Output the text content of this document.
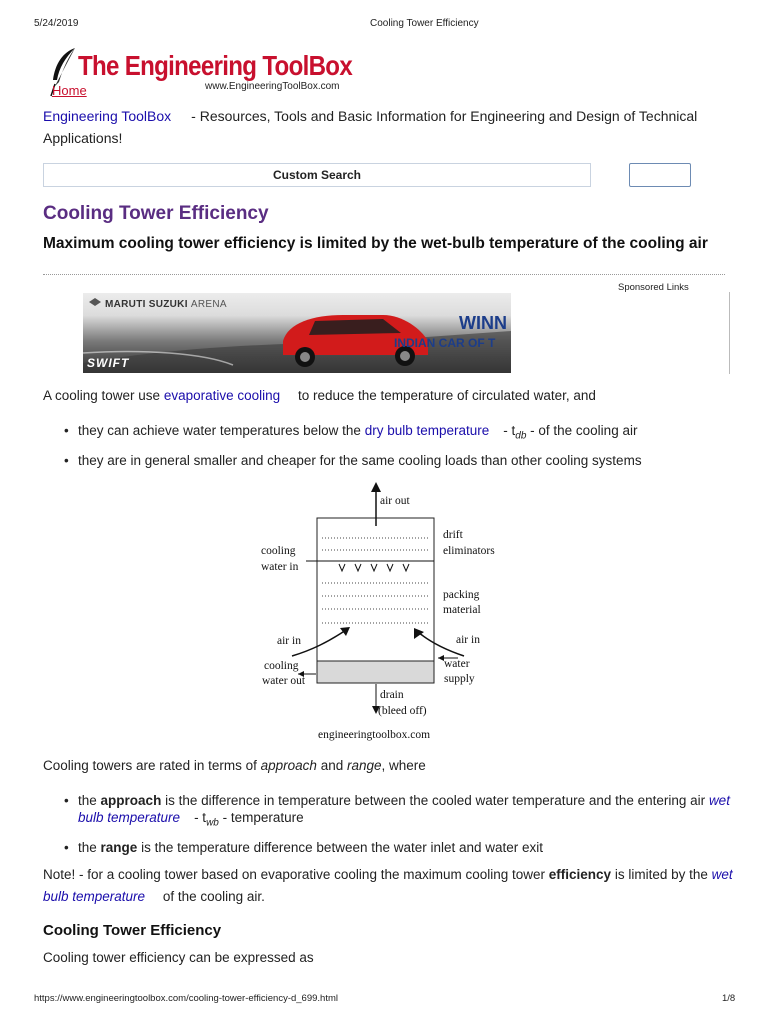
5/24/2019	Cooling Tower Efficiency
The Engineering ToolBox
www.EngineeringToolBox.com
Home
Engineering ToolBox - Resources, Tools and Basic Information for Engineering and Design of Technical Applications!
Custom Search
Cooling Tower Efficiency
Maximum cooling tower efficiency is limited by the wet-bulb temperature of the cooling air
Sponsored Links
MARUTI SUZUKI ARENA
SWIFT
WINN
INDIAN CAR OF T
A cooling tower use evaporative cooling to reduce the temperature of circulated water, and
• they can achieve water temperatures below the dry bulb temperature - $t_{db}$ - of the cooling air
• they are in general smaller and cheaper for the same cooling loads than other cooling systems
air out
drift
eliminators
cooling
water in
packing
material
air in	air in
cooling
water out
water
supply
drain
(bleed off)
engineeringtoolbox.com
Cooling towers are rated in terms of approach and range, where
• the approach is the difference in temperature between the cooled water temperature and the entering air wet bulb temperature - $t_{wb}$ - temperature
• the range is the temperature difference between the water inlet and water exit
Note! - for a cooling tower based on evaporative cooling the maximum cooling tower efficiency is limited by the wet bulb temperature of the cooling air.
Cooling Tower Efficiency
Cooling tower efficiency can be expressed as
https://www.engineeringtoolbox.com/cooling-tower-efficiency-d_699.html	1/8
